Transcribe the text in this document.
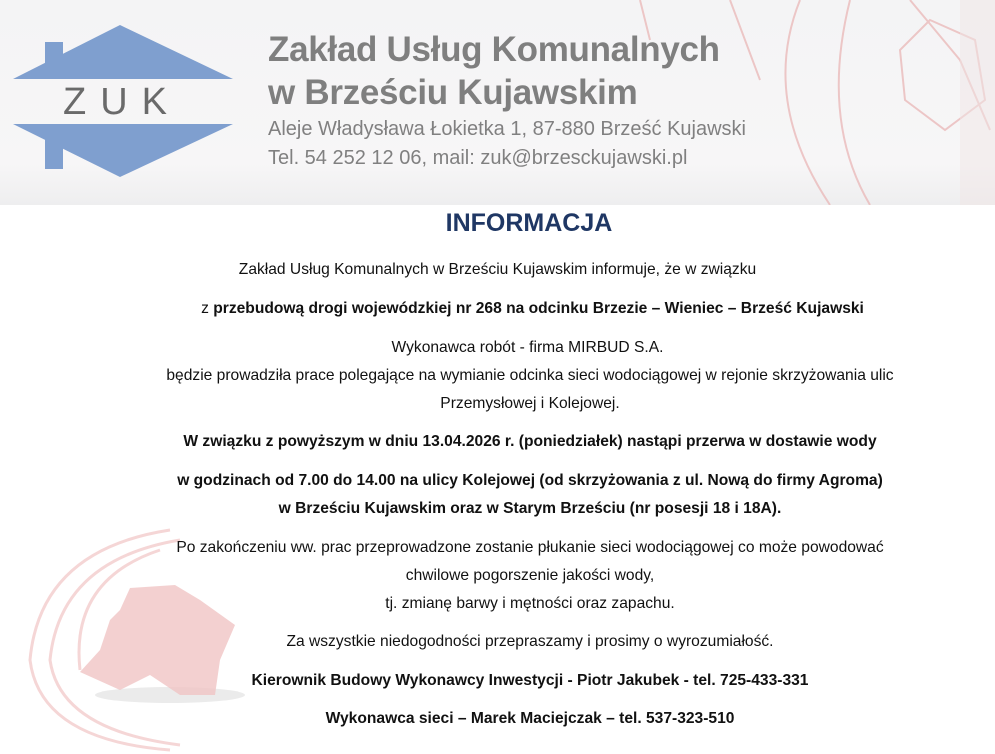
ZUK
Zakład Usług Komunalnych
w Brześciu Kujawskim
Aleje Władysława Łokietka 1, 87-880 Brześć Kujawski
Tel. 54 252 12 06, mail: zuk@brzesckujawski.pl
INFORMACJA
Zakład Usług Komunalnych w Brześciu Kujawskim informuje, że w związku
z przebudową drogi wojewódzkiej nr 268 na odcinku Brzezie – Wieniec – Brześć Kujawski
Wykonawca robót - firma MIRBUD S.A.
będzie prowadziła prace polegające na wymianie odcinka sieci wodociągowej w rejonie skrzyżowania ulic
Przemysłowej i Kolejowej.
W związku z powyższym w dniu 13.04.2026 r. (poniedziałek) nastąpi przerwa w dostawie wody
w godzinach od 7.00 do 14.00 na ulicy Kolejowej (od skrzyżowania z ul. Nową do firmy Agroma)
w Brześciu Kujawskim oraz w Starym Brześciu (nr posesji 18 i 18A).
Po zakończeniu ww. prac przeprowadzone zostanie płukanie sieci wodociągowej co może powodować
chwilowe pogorszenie jakości wody,
tj. zmianę barwy i mętności oraz zapachu.
Za wszystkie niedogodności przepraszamy i prosimy o wyrozumiałość.
Kierownik Budowy Wykonawcy Inwestycji - Piotr Jakubek - tel. 725-433-331
Wykonawca sieci – Marek Maciejczak – tel. 537-323-510
